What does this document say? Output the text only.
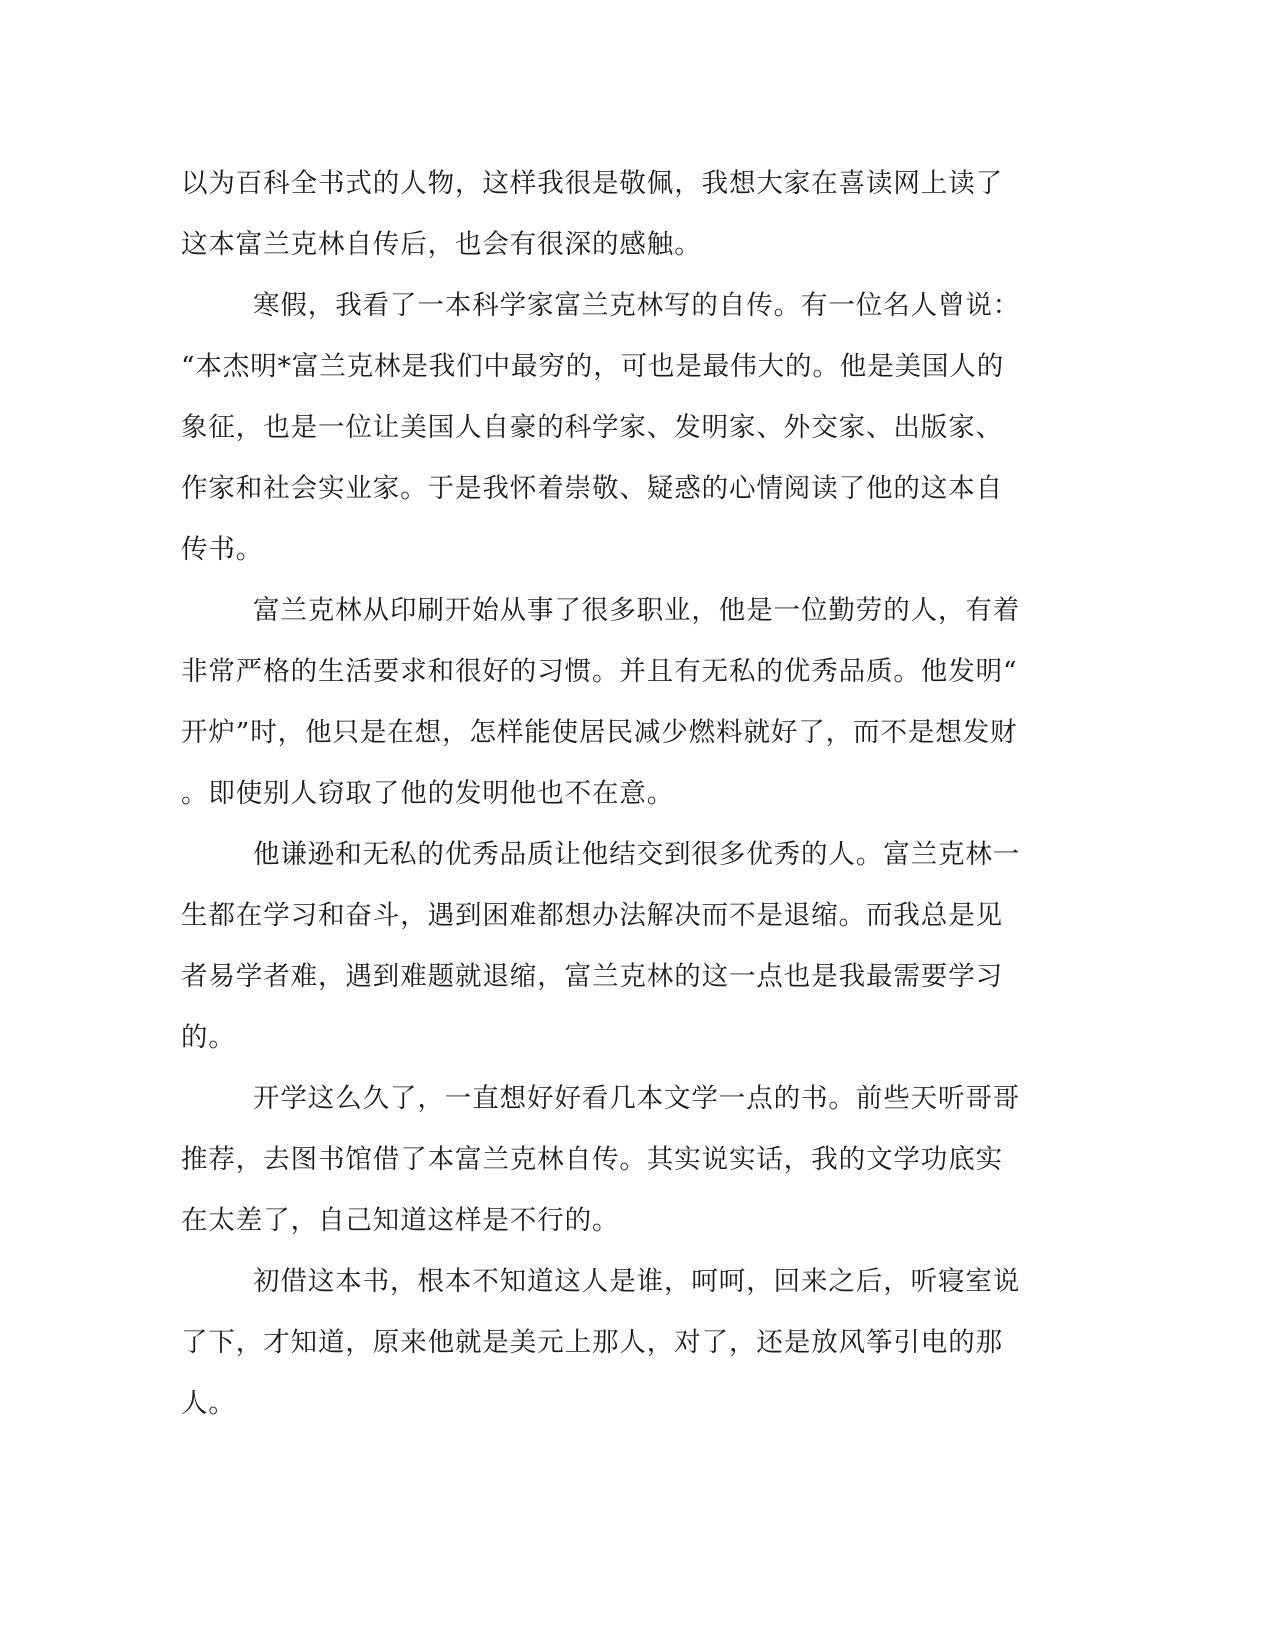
以为百科全书式的人物，这样我很是敬佩，我想大家在喜读网上读了
这本富兰克林自传后，也会有很深的感触。
寒假，我看了一本科学家富兰克林写的自传。有一位名人曾说：
“本杰明*富兰克林是我们中最穷的，可也是最伟大的。他是美国人的
象征，也是一位让美国人自豪的科学家、发明家、外交家、出版家、
作家和社会实业家。于是我怀着崇敬、疑惑的心情阅读了他的这本自
传书。
富兰克林从印刷开始从事了很多职业，他是一位勤劳的人，有着
非常严格的生活要求和很好的习惯。并且有无私的优秀品质。他发明“
开炉”时，他只是在想，怎样能使居民减少燃料就好了，而不是想发财
。即使别人窃取了他的发明他也不在意。
他谦逊和无私的优秀品质让他结交到很多优秀的人。富兰克林一
生都在学习和奋斗，遇到困难都想办法解决而不是退缩。而我总是见
者易学者难，遇到难题就退缩，富兰克林的这一点也是我最需要学习
的。
开学这么久了，一直想好好看几本文学一点的书。前些天听哥哥
推荐，去图书馆借了本富兰克林自传。其实说实话，我的文学功底实
在太差了，自己知道这样是不行的。
初借这本书，根本不知道这人是谁，呵呵，回来之后，听寝室说
了下，才知道，原来他就是美元上那人，对了，还是放风筝引电的那
人。
